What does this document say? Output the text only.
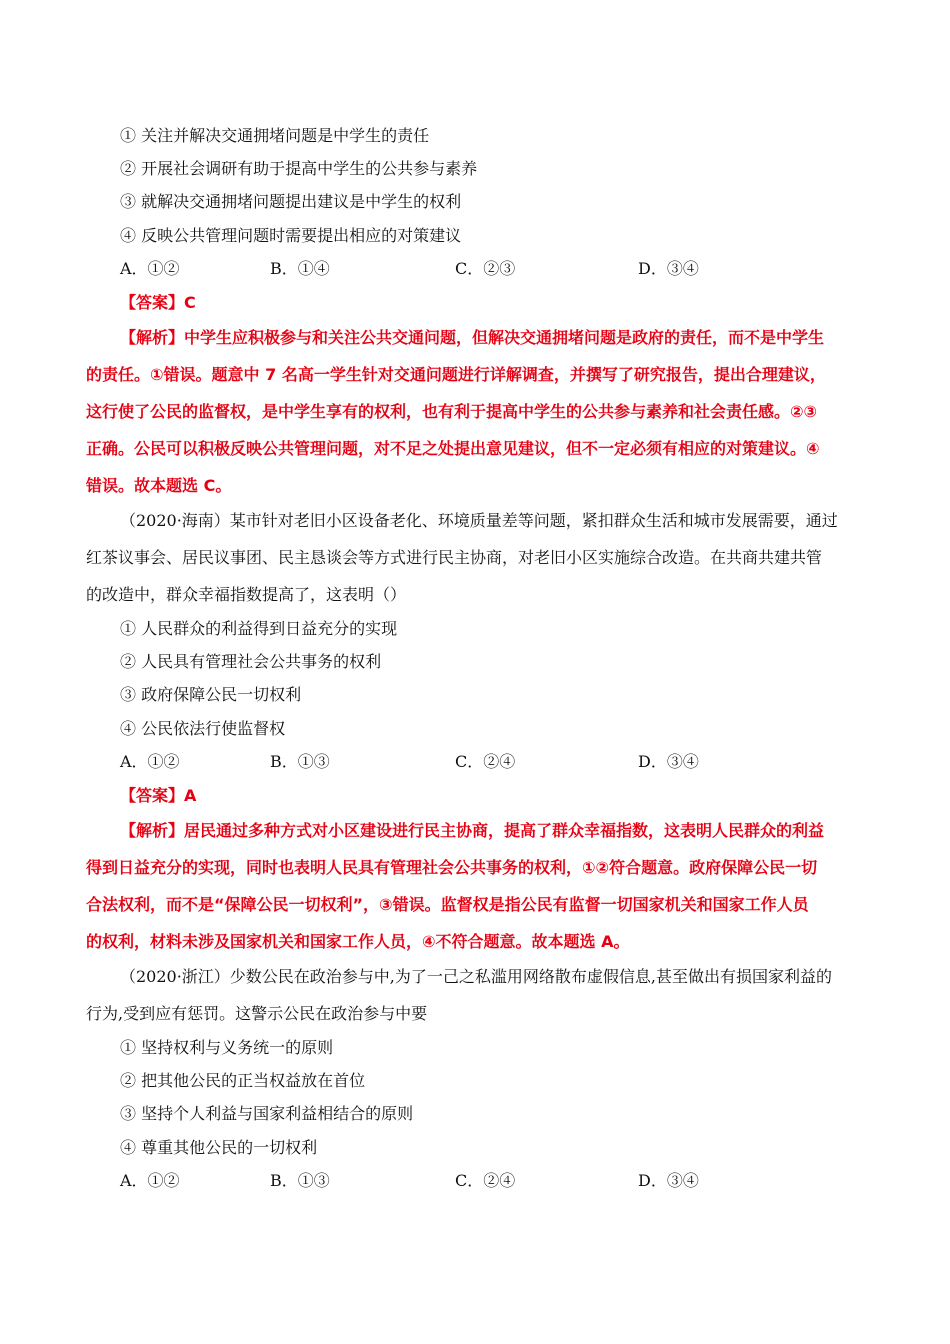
① 关注并解决交通拥堵问题是中学生的责任
② 开展社会调研有助于提高中学生的公共参与素养
③ 就解决交通拥堵问题提出建议是中学生的权利
④ 反映公共管理问题时需要提出相应的对策建议
A．①②	B．①④	C．②③	D．③④
【答案】C
【解析】中学生应积极参与和关注公共交通问题，但解决交通拥堵问题是政府的责任，而不是中学生
的责任。①错误。题意中 7 名高一学生针对交通问题进行详解调查，并撰写了研究报告，提出合理建议，
这行使了公民的监督权，是中学生享有的权利，也有利于提高中学生的公共参与素养和社会责任感。②③
正确。公民可以积极反映公共管理问题，对不足之处提出意见建议，但不一定必须有相应的对策建议。④
错误。故本题选 C。
（2020·海南）某市针对老旧小区设备老化、环境质量差等问题，紧扣群众生活和城市发展需要，通过
红茶议事会、居民议事团、民主恳谈会等方式进行民主协商，对老旧小区实施综合改造。在共商共建共管
的改造中，群众幸福指数提高了，这表明（）
① 人民群众的利益得到日益充分的实现
② 人民具有管理社会公共事务的权利
③ 政府保障公民一切权利
④ 公民依法行使监督权
A．①②	B．①③	C．②④	D．③④
【答案】A
【解析】居民通过多种方式对小区建设进行民主协商，提高了群众幸福指数，这表明人民群众的利益
得到日益充分的实现，同时也表明人民具有管理社会公共事务的权利，①②符合题意。政府保障公民一切
合法权利，而不是“保障公民一切权利”，③错误。监督权是指公民有监督一切国家机关和国家工作人员
的权利，材料未涉及国家机关和国家工作人员，④不符合题意。故本题选 A。
（2020·浙江）少数公民在政治参与中,为了一己之私滥用网络散布虚假信息,甚至做出有损国家利益的
行为,受到应有惩罚。这警示公民在政治参与中要
① 坚持权利与义务统一的原则
② 把其他公民的正当权益放在首位
③ 坚持个人利益与国家利益相结合的原则
④ 尊重其他公民的一切权利
A．①②	B．①③	C．②④	D．③④
